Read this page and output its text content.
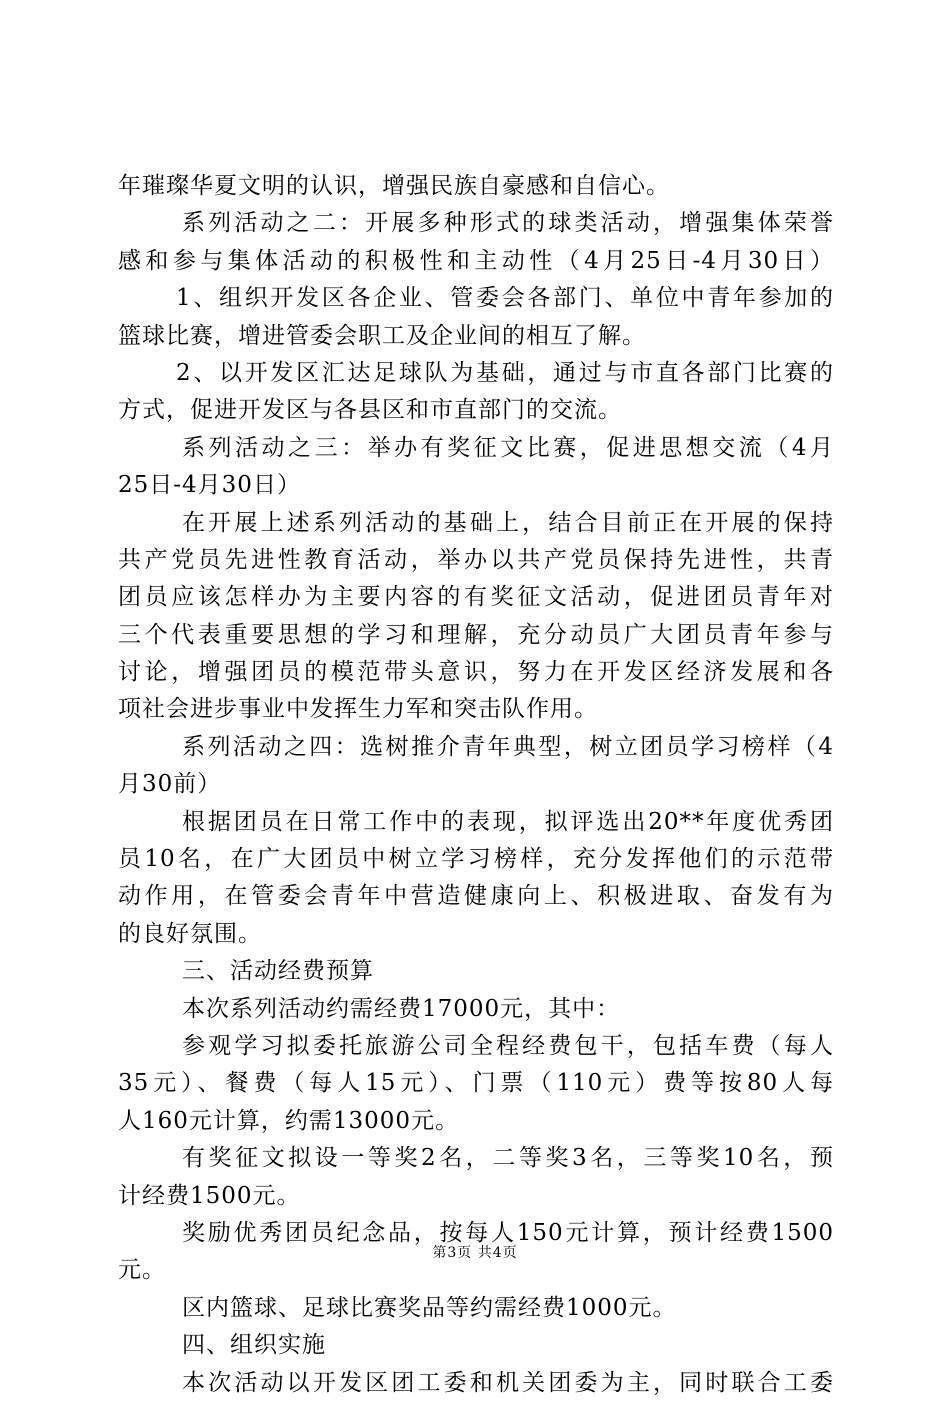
年璀璨华夏文明的认识，增强民族自豪感和自信心。
系列活动之二：开展多种形式的球类活动，增强集体荣誉
感和参与集体活动的积极性和主动性（4月25日-4月30日）
1、组织开发区各企业、管委会各部门、单位中青年参加的
篮球比赛，增进管委会职工及企业间的相互了解。
2、以开发区汇达足球队为基础，通过与市直各部门比赛的
方式，促进开发区与各县区和市直部门的交流。
系列活动之三：举办有奖征文比赛，促进思想交流（4月
25日-4月30日）
在开展上述系列活动的基础上，结合目前正在开展的保持
共产党员先进性教育活动，举办以共产党员保持先进性，共青
团员应该怎样办为主要内容的有奖征文活动，促进团员青年对
三个代表重要思想的学习和理解，充分动员广大团员青年参与
讨论，增强团员的模范带头意识，努力在开发区经济发展和各
项社会进步事业中发挥生力军和突击队作用。
系列活动之四：选树推介青年典型，树立团员学习榜样（4
月30前）
根据团员在日常工作中的表现，拟评选出20**年度优秀团
员10名，在广大团员中树立学习榜样，充分发挥他们的示范带
动作用，在管委会青年中营造健康向上、积极进取、奋发有为
的良好氛围。
三、活动经费预算
本次系列活动约需经费17000元，其中：
参观学习拟委托旅游公司全程经费包干，包括车费（每人
35元）、餐费（每人15元）、门票（110元）费等按80人每
人160元计算，约需13000元。
有奖征文拟设一等奖2名，二等奖3名，三等奖10名，预
计经费1500元。
奖励优秀团员纪念品，按每人150元计算，预计经费1500
元。
区内篮球、足球比赛奖品等约需经费1000元。
四、组织实施
本次活动以开发区团工委和机关团委为主，同时联合工委
第3页 共4页
